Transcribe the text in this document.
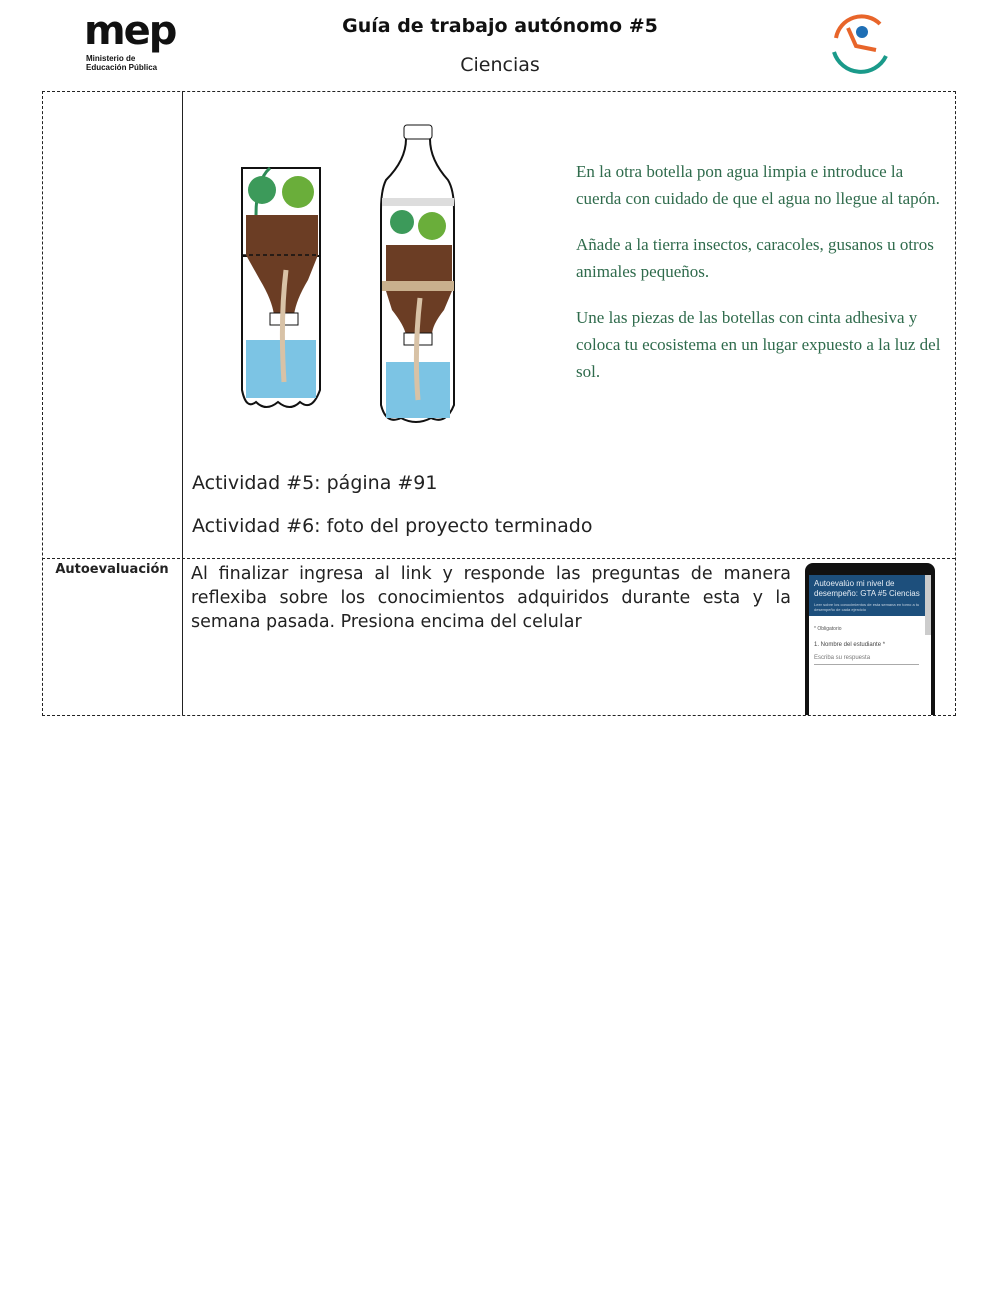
mep
Ministerio de
Educación Pública
Guía de trabajo autónomo #5
Ciencias

En la otra botella pon agua limpia e introduce la cuerda con cuidado de que el agua no llegue al tapón.

Añade a la tierra insectos, caracoles, gusanos u otros animales pequeños.

Une las piezas de las botellas con cinta adhesiva y coloca tu ecosistema en un lugar expuesto a la luz del sol.

Actividad #5: página #91
Actividad #6: foto del proyecto terminado
Autoevaluación	Al finalizar ingresa al link y responde las preguntas de manera reflexiba sobre los conocimientos adquiridos durante esta y la semana pasada. Presiona encima del celular
Autoevalúo mi nivel de desempeño: GTA #5 Ciencias
Leer sobre los conocimientos de esta semana en torno a tu desempeño de cada ejercicio
* Obligatorio
1. Nombre del estudiante *
Escriba su respuesta
